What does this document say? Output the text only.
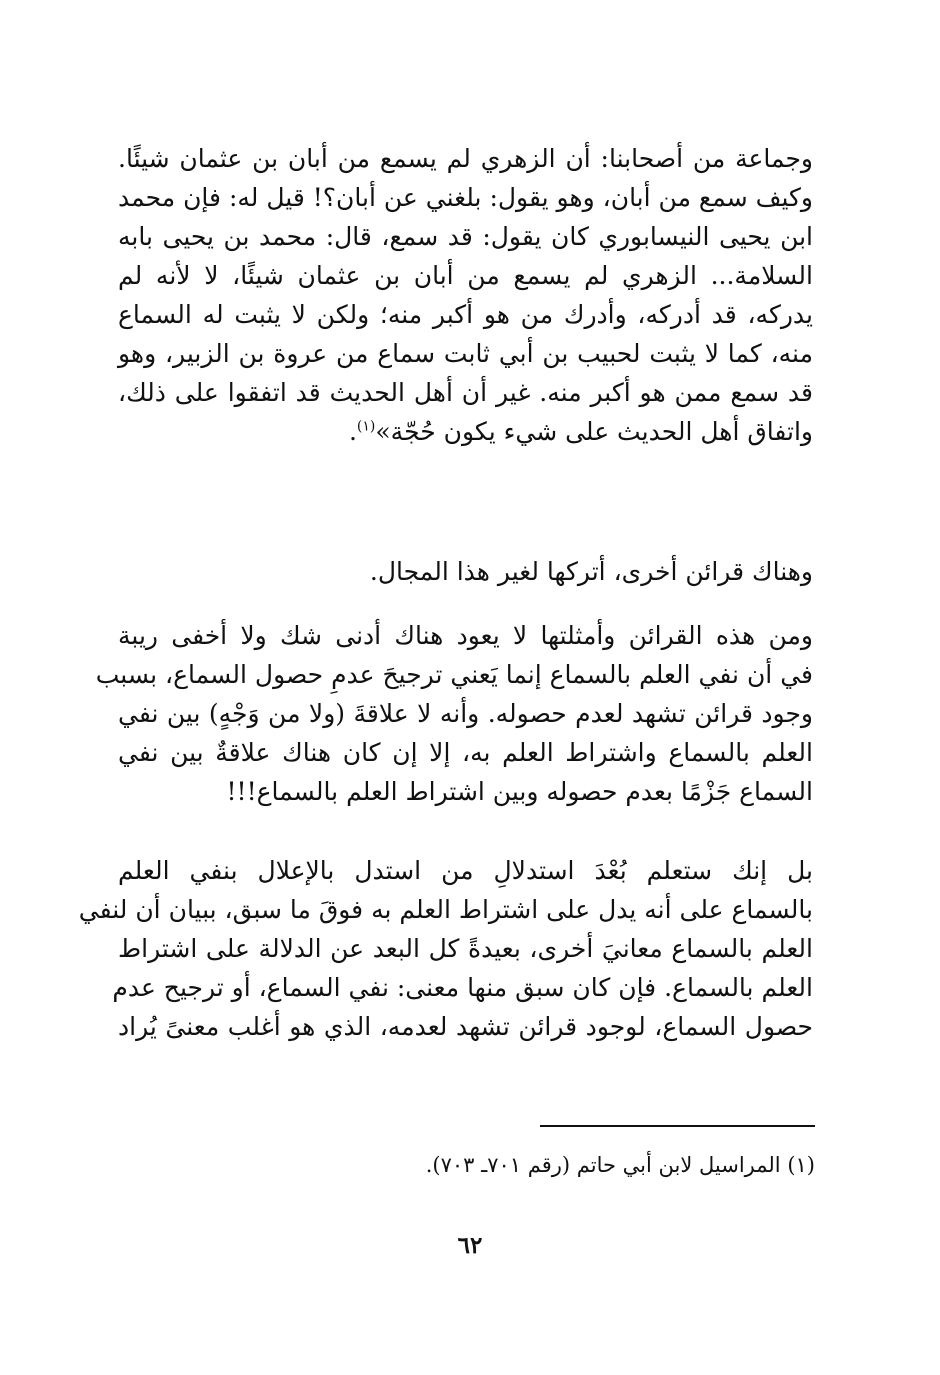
وجماعة من أصحابنا: أن الزهري لم يسمع من أبان بن عثمان شيئًا.
وكيف سمع من أبان، وهو يقول: بلغني عن أبان؟! قيل له: فإن محمد
ابن يحيى النيسابوري كان يقول: قد سمع، قال: محمد بن يحيى بابه
السلامة... الزهري لم يسمع من أبان بن عثمان شيئًا، لا لأنه لم
يدركه، قد أدركه، وأدرك من هو أكبر منه؛ ولكن لا يثبت له السماع
منه، كما لا يثبت لحبيب بن أبي ثابت سماع من عروة بن الزبير، وهو
قد سمع ممن هو أكبر منه. غير أن أهل الحديث قد اتفقوا على ذلك،
واتفاق أهل الحديث على شيء يكون حُجّة»$^{(١)}$.
وهناك قرائن أخرى، أتركها لغير هذا المجال.
ومن هذه القرائن وأمثلتها لا يعود هناك أدنى شك ولا أخفى ريبة
في أن نفي العلم بالسماع إنما يَعني ترجيحَ عدمِ حصول السماع، بسبب
وجود قرائن تشهد لعدم حصوله. وأنه لا علاقةَ (ولا من وَجْهٍ) بين نفي
العلم بالسماع واشتراط العلم به، إلا إن كان هناك علاقةٌ بين نفي
السماع جَزْمًا بعدم حصوله وبين اشتراط العلم بالسماع!!!
بل إنك ستعلم بُعْدَ استدلالِ من استدل بالإعلال بنفي العلم
بالسماع على أنه يدل على اشتراط العلم به فوقَ ما سبق، ببيان أن لنفي
العلم بالسماع معانيَ أخرى، بعيدةً كل البعد عن الدلالة على اشتراط
العلم بالسماع. فإن كان سبق منها معنى: نفي السماع، أو ترجيح عدم
حصول السماع، لوجود قرائن تشهد لعدمه، الذي هو أغلب معنىً يُراد
(١) المراسيل لابن أبي حاتم (رقم ٧٠١ـ ٧٠٣).
٦٢
